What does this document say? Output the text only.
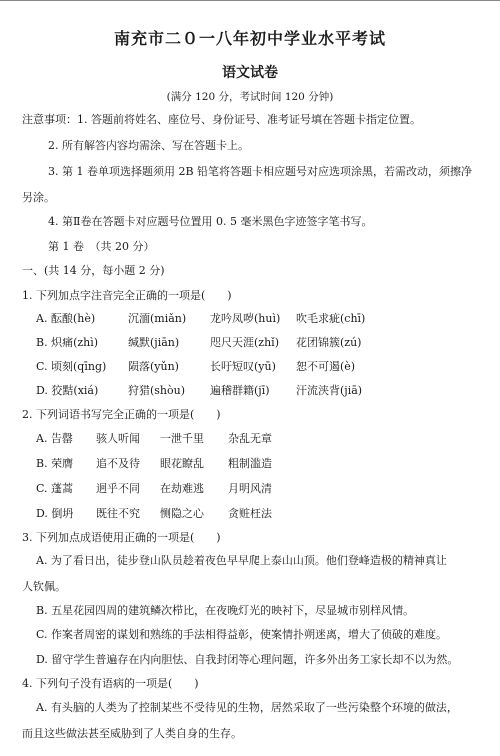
南充市二０一八年初中学业水平考试
语文试卷
(满分 120 分，考试时间 120 分钟)
注意事项：1. 答题前将姓名、座位号、身份证号、准考证号填在答题卡指定位置。
2. 所有解答内容均需涂、写在答题卡上。
3. 第 1 卷单项选择题须用 2B 铅笔将答题卡相应题号对应选项涂黑，若需改动，须擦净
另涂。
4. 第Ⅱ卷在答题卡对应题号位置用 0. 5 毫米黑色字迹签字笔书写。
第 1 卷　（共 20 分）
一、(共 14 分，每小题 2 分)
1. 下列加点字注音完全正确的一项是(　　)
A. 酝酿(hè)	沉湎(miǎn) 龙吟凤哕(huì) 吹毛求疵(chī)
B. 炽痛(zhì)	缄默(jiān)	咫尺天涯(zhǐ) 花团锦簇(zú)
C. 顷刻(qīng) 陨落(yǔn)	长吁短叹(yū) 恕不可遏(è)
D. 狡黠(xiá)	狩猎(shòu) 遍稽群籍(jī) 汗流浃背(jiā)
2. 下列词语书写完全正确的一项是(　　)
A. 告罄 骇人听闻 一泄千里 杂乱无章
B. 荣膺 追不及待 眼花瞭乱 粗制滥造
C. 蓬蒿 迥乎不同 在劫难逃 月明风清
D. 倒坍 既往不究 恻隐之心 贪赃枉法
3. 下列加点成语使用正确的一项是(　　)
A. 为了看日出，徒步登山队员趁着夜色早早爬上泰山山顶。他们登峰造极的精神真让
人钦佩。
B. 五星花园四周的建筑鳞次栉比，在夜晚灯光的映衬下，尽显城市别样风情。
C. 作案者周密的谋划和熟练的手法相得益彰，使案情扑朔迷离，增大了侦破的难度。
D. 留守学生普遍存在内向胆怯、自我封闭等心理问题，许多外出务工家长却不以为然。
4. 下列句子没有语病的一项是(　　)
A. 有头脑的人类为了控制某些不受待见的生物，居然采取了一些污染整个环境的做法，
而且这些做法甚至威胁到了人类自身的生存。
